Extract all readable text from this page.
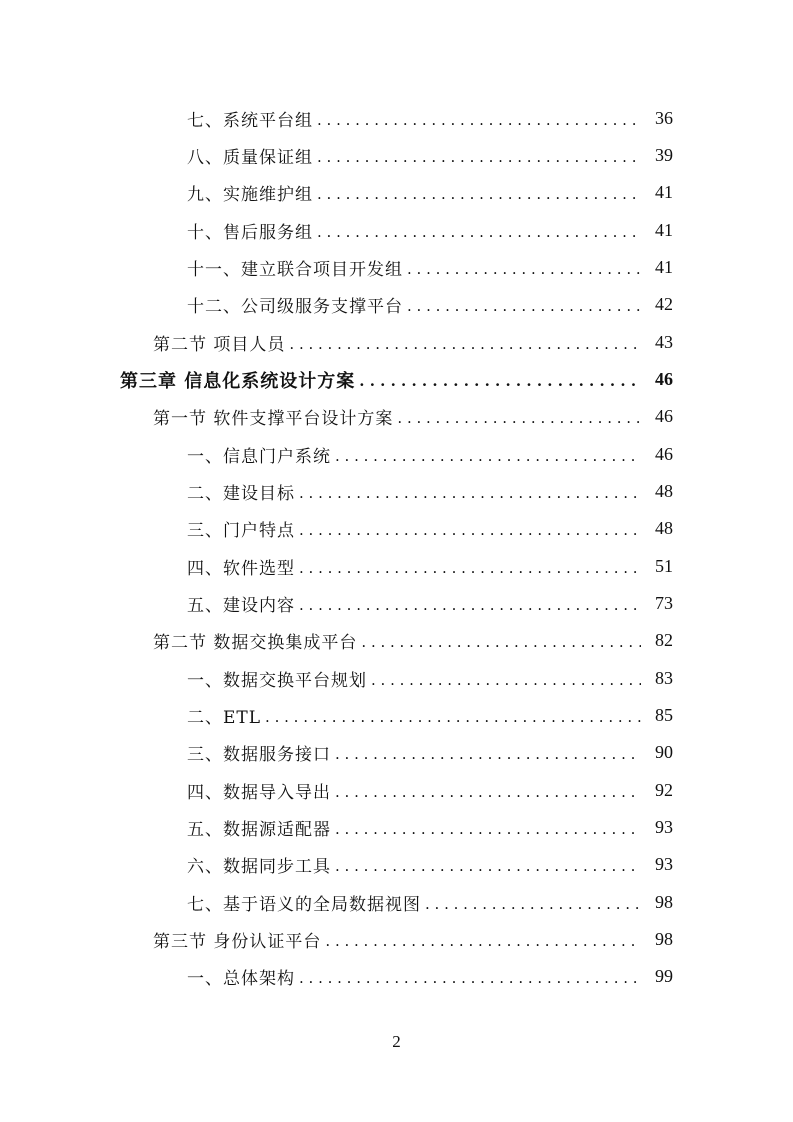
七、系统平台组 . . .	36
八、质量保证组 . . .	39
九、实施维护组 . . .	41
十、售后服务组 . . .	41
十一、建立联合项目开发组 . . .	41
十二、公司级服务支撑平台 . . .	42
第二节 项目人员 . . .	43
第三章 信息化系统设计方案 . . .	46
第一节 软件支撑平台设计方案 . . .	46
一、信息门户系统 . . .	46
二、建设目标 . . .	48
三、门户特点 . . .	48
四、软件选型 . . .	51
五、建设内容 . . .	73
第二节 数据交换集成平台 . . .	82
一、数据交换平台规划 . . .	83
二、ETL . . .	85
三、数据服务接口 . . .	90
四、数据导入导出 . . .	92
五、数据源适配器 . . .	93
六、数据同步工具 . . .	93
七、基于语义的全局数据视图 . . .	98
第三节 身份认证平台 . . .	98
一、总体架构 . . .	99
2
